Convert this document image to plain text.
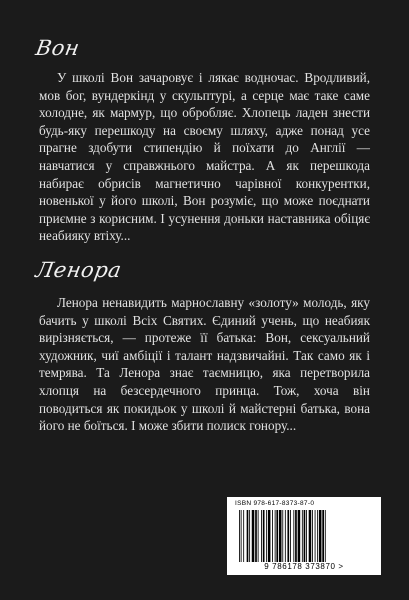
Вон

У школі Вон зачаровує і лякає водночас. Вродливий, мов бог, вундеркінд у скульптурі, а серце має таке саме холодне, як мармур, що обробляє. Хлопець ладен знести будь-яку перешкоду на своєму шляху, адже понад усе прагне здобути стипендію й поїхати до Англії — навчатися у справжнього майстра. А як перешкода набирає обрисів магнетично чарівної конкурентки, новенької у його школі, Вон розуміє, що може поєднати приємне з корисним. І усунення доньки наставника обіцяє неабияку втіху...

Ленора

Ленора ненавидить марнославну «золоту» молодь, яку бачить у школі Всіх Святих. Єдиний учень, що неабияк вирізняється, — протеже її батька: Вон, сексуальний художник, чиї амбіції і талант надзвичайні. Так само як і темрява. Та Ленора знає таємницю, яка перетворила хлопця на безсердечного принца. Тож, хоча він поводиться як покидьок у школі й майстерні батька, вона його не боїться. І може збити полиск гонору...

ISBN 978-617-8373-87-0
9 786178 373870 >
